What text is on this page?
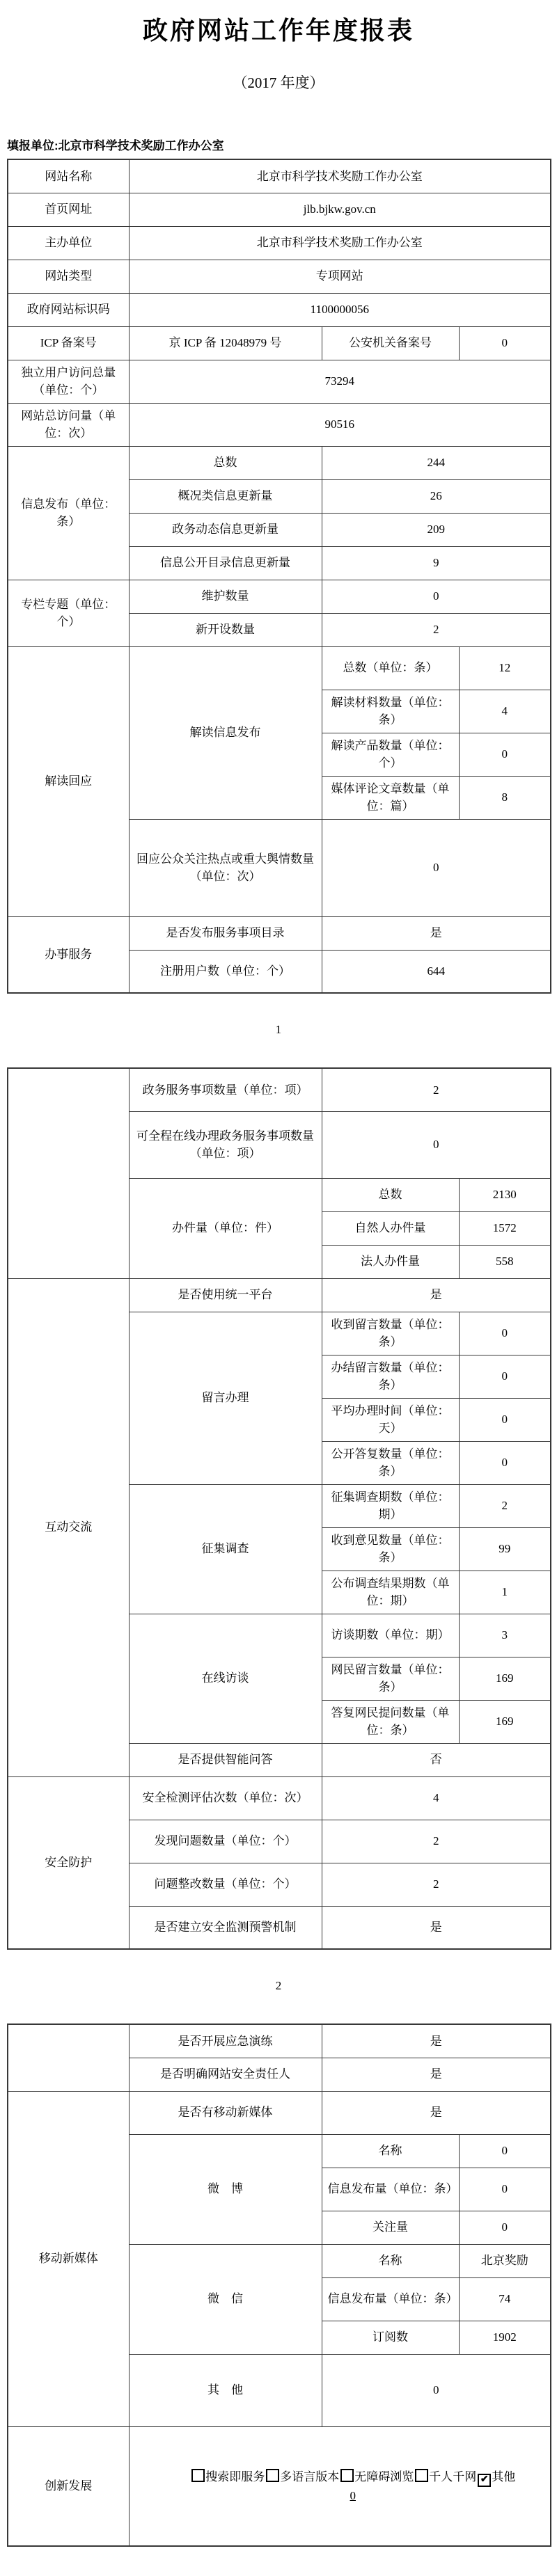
政府网站工作年度报表
（2017 年度）
填报单位:北京市科学技术奖励工作办公室
网站名称	北京市科学技术奖励工作办公室		
首页网址	jlb.bjkw.gov.cn		
主办单位	北京市科学技术奖励工作办公室		
网站类型	专项网站		
政府网站标识码	1100000056		
ICP 备案号	京 ICP 备 12048979 号	公安机关备案号	0
独立用户访问总量（单位：个）	73294		
网站总访问量（单位：次）	90516		
信息发布（单位：条）	总数	244	
	概况类信息更新量	26	
	政务动态信息更新量	209	
	信息公开目录信息更新量	9	
专栏专题（单位：个）	维护数量	0	
	新开设数量	2	
解读回应	解读信息发布	总数（单位：条）	12
		解读材料数量（单位：条）	4
		解读产品数量（单位：个）	0
		媒体评论文章数量（单位：篇）	8
	回应公众关注热点或重大舆情数量（单位：次）	0	
办事服务	是否发布服务事项目录	是	
	注册用户数（单位：个）	644	
1
	政务服务事项数量（单位：项）	2	
	可全程在线办理政务服务事项数量（单位：项）	0	
	办件量（单位：件）	总数	2130
		自然人办件量	1572
		法人办件量	558
互动交流	是否使用统一平台	是	
	留言办理	收到留言数量（单位：条）	0
		办结留言数量（单位：条）	0
		平均办理时间（单位：天）	0
		公开答复数量（单位：条）	0
	征集调查	征集调查期数（单位：期）	2
		收到意见数量（单位：条）	99
		公布调查结果期数（单位：期）	1
	在线访谈	访谈期数（单位：期）	3
		网民留言数量（单位：条）	169
		答复网民提问数量（单位：条）	169
	是否提供智能问答	否	
安全防护	安全检测评估次数（单位：次）	4	
	发现问题数量（单位：个）	2	
	问题整改数量（单位：个）	2	
	是否建立安全监测预警机制	是	
2
	是否开展应急演练	是	
	是否明确网站安全责任人	是	
移动新媒体	是否有移动新媒体	是	
	微　博	名称	0
		信息发布量（单位：条）	0
		关注量	0
	微　信	名称	北京奖励
		信息发布量（单位：条）	74
		订阅数	1902
	其　他	0	
创新发展	搜索即服务 多语言版本 无障碍浏览 千人千网 ✔ 其他
0		
